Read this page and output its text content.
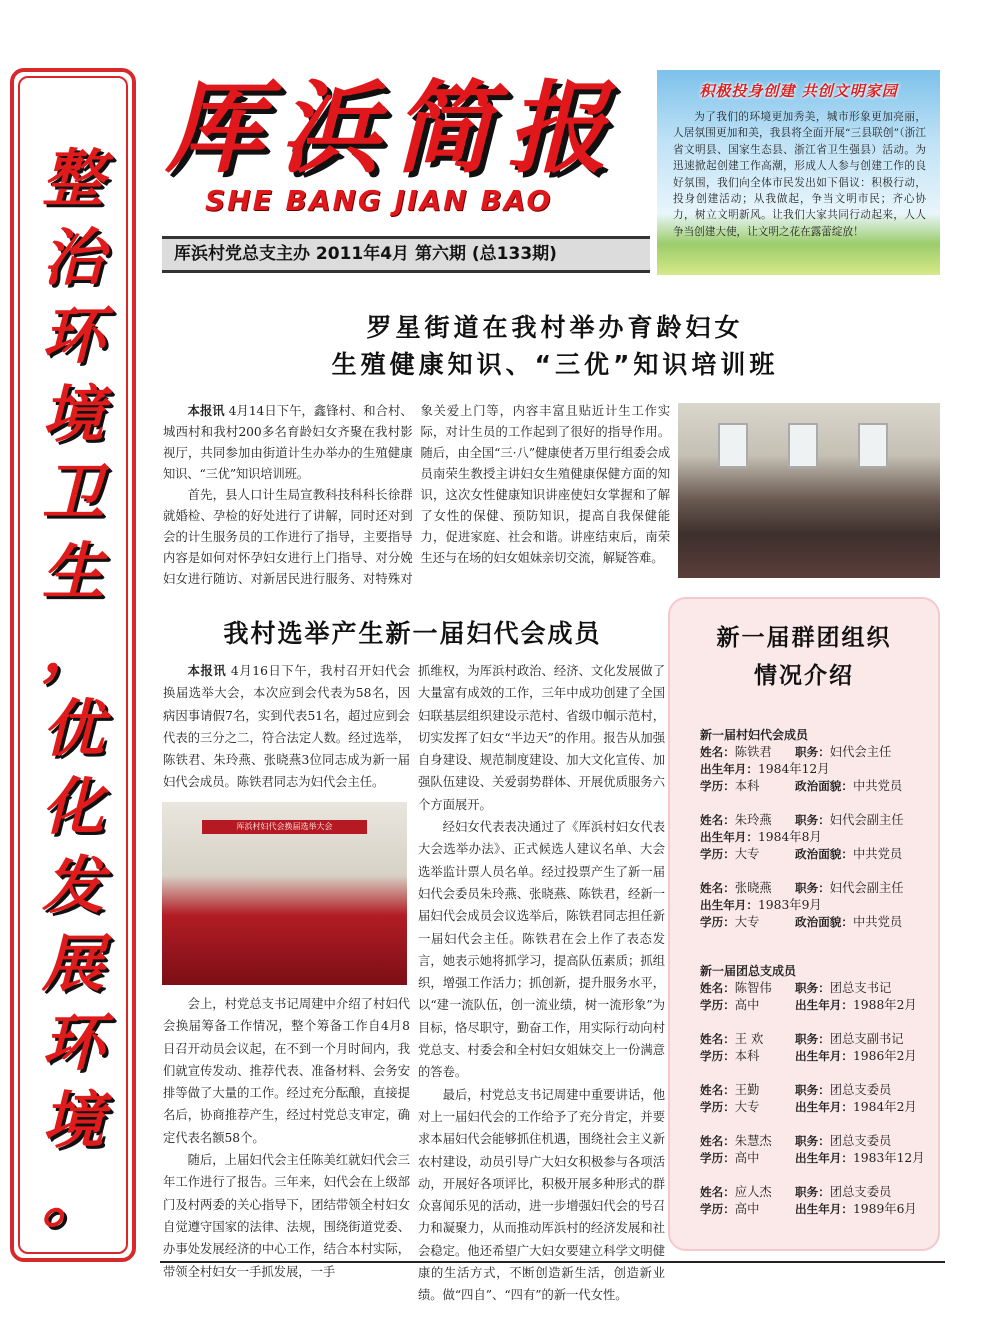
整
治
环
境
卫
生
，
优
化
发
展
环
境
。
厍浜简报
SHE BANG JIAN BAO
厍浜村党总支主办 2011年4月 第六期 (总133期)
积极投身创建 共创文明家园
为了我们的环境更加秀美，城市形象更加亮丽，人居氛围更加和美，我县将全面开展“三县联创”（浙江省文明县、国家生态县、浙江省卫生强县）活动。为迅速掀起创建工作高潮，形成人人参与创建工作的良好氛围，我们向全体市民发出如下倡议：积极行动，投身创建活动；从我做起，争当文明市民；齐心协力，树立文明新风。让我们大家共同行动起来，人人争当创建大使，让文明之花在露蕾绽放！
罗星街道在我村举办育龄妇女
生殖健康知识、“三优”知识培训班

本报讯 4月14日下午，鑫锋村、和合村、城西村和我村200多名育龄妇女齐聚在我村影视厅，共同参加由街道计生办举办的生殖健康知识、“三优”知识培训班。

首先，县人口计生局宣教科技科科长徐群就婚检、孕检的好处进行了讲解，同时还对到会的计生服务员的工作进行了指导，主要指导内容是如何对怀孕妇女进行上门指导、对分娩妇女进行随访、对新居民进行服务、对特殊对象关爱上门等，内容丰富且贴近计生工作实际，对计生员的工作起到了很好的指导作用。随后，由全国“三·八”健康使者万里行组委会成员南荣生教授主讲妇女生殖健康保健方面的知识，这次女性健康知识讲座使妇女掌握和了解了女性的保健、预防知识，提高自我保健能力，促进家庭、社会和谐。讲座结束后，南荣生还与在场的妇女姐妹亲切交流，解疑答难。

我村选举产生新一届妇代会成员

本报讯 4月16日下午，我村召开妇代会换届选举大会，本次应到会代表为58名，因病因事请假7名，实到代表51名，超过应到会代表的三分之二，符合法定人数。经过选举，陈铁君、朱玲燕、张晓燕3位同志成为新一届妇代会成员。陈铁君同志为妇代会主任。

厍浜村妇代会换届选举大会

会上，村党总支书记周建中介绍了村妇代会换届筹备工作情况，整个筹备工作自4月8日召开动员会议起，在不到一个月时间内，我们就宣传发动、推荐代表、准备材料、会务安排等做了大量的工作。经过充分酝酿，直接提名后，协商推荐产生，经过村党总支审定，确定代表名额58个。

随后，上届妇代会主任陈美红就妇代会三年工作进行了报告。三年来，妇代会在上级部门及村两委的关心指导下，团结带领全村妇女自觉遵守国家的法律、法规，围绕街道党委、办事处发展经济的中心工作，结合本村实际，带领全村妇女一手抓发展，一手

抓维权，为厍浜村政治、经济、文化发展做了大量富有成效的工作，三年中成功创建了全国妇联基层组织建设示范村、省级巾帼示范村，切实发挥了妇女“半边天”的作用。报告从加强自身建设、规范制度建设、加大文化宣传、加强队伍建设、关爱弱势群体、开展优质服务六个方面展开。

经妇女代表表决通过了《厍浜村妇女代表大会选举办法》、正式候选人建议名单、大会选举监计票人员名单。经过投票产生了新一届妇代会委员朱玲燕、张晓燕、陈铁君，经新一届妇代会成员会议选举后，陈铁君同志担任新一届妇代会主任。陈铁君在会上作了表态发言，她表示她将抓学习，提高队伍素质；抓组织，增强工作活力；抓创新，提升服务水平，以“建一流队伍，创一流业绩，树一流形象”为目标，恪尽职守，勤奋工作，用实际行动向村党总支、村委会和全村妇女姐妹交上一份满意的答卷。

最后，村党总支书记周建中重要讲话，他对上一届妇代会的工作给予了充分肯定，并要求本届妇代会能够抓住机遇，围绕社会主义新农村建设，动员引导广大妇女积极参与各项活动，开展好各项评比，积极开展多种形式的群众喜闻乐见的活动，进一步增强妇代会的号召力和凝聚力，从而推动厍浜村的经济发展和社会稳定。他还希望广大妇女要建立科学文明健康的生活方式，不断创造新生活，创造新业绩。做“四自”、“四有”的新一代女性。

新一届群团组织
情况介绍
新一届村妇代会成员
姓名：陈铁君 职务：妇代会主任
出生年月：1984年12月
学历：本科	政治面貌：中共党员
姓名：朱玲燕 职务：妇代会副主任
出生年月：1984年8月
学历：大专	政治面貌：中共党员
姓名：张晓燕 职务：妇代会副主任
出生年月：1983年9月
学历：大专	政治面貌：中共党员
新一届团总支成员
姓名：陈智伟 职务：团总支书记
学历：高中	出生年月：1988年2月
姓名：王 欢	职务：团总支副书记
学历：本科	出生年月：1986年2月
姓名：王勤	职务：团总支委员
学历：大专	出生年月：1984年2月
姓名：朱慧杰 职务：团总支委员
学历：高中	出生年月：1983年12月
姓名：应人杰 职务：团总支委员
学历：高中	出生年月：1989年6月
